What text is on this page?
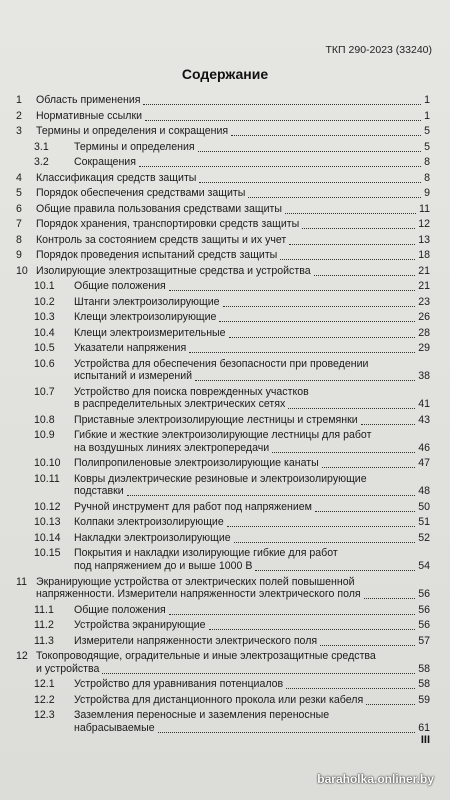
ТКП 290-2023 (33240)
Содержание
1 Область применения	1
2 Нормативные ссылки	1
3 Термины и определения и сокращения	5
3.1 Термины и определения	5
3.2 Сокращения	8
4 Классификация средств защиты	8
5 Порядок обеспечения средствами защиты	9
6 Общие правила пользования средствами защиты	11
7 Порядок хранения, транспортировки средств защиты	12
8 Контроль за состоянием средств защиты и их учет	13
9 Порядок проведения испытаний средств защиты	18
10 Изолирующие электрозащитные средства и устройства	21
10.1 Общие положения	21
10.2 Штанги электроизолирующие	23
10.3 Клещи электроизолирующие	26
10.4 Клещи электроизмерительные	28
10.5 Указатели напряжения	29
10.6 Устройства для обеспечения безопасности при проведении
испытаний и измерений	38
10.7 Устройство для поиска поврежденных участков
в распределительных электрических сетях	41
10.8 Приставные электроизолирующие лестницы и стремянки	43
10.9 Гибкие и жесткие электроизолирующие лестницы для работ
на воздушных линиях электропередачи	46
10.10 Полипропиленовые электроизолирующие канаты	47
10.11 Ковры диэлектрические резиновые и электроизолирующие
подставки	48
10.12 Ручной инструмент для работ под напряжением	50
10.13 Колпаки электроизолирующие	51
10.14 Накладки электроизолирующие	52
10.15 Покрытия и накладки изолирующие гибкие для работ
под напряжением до и выше 1000 В	54
11 Экранирующие устройства от электрических полей повышенной
напряженности. Измерители напряженности электрического поля	56
11.1 Общие положения	56
11.2 Устройства экранирующие	56
11.3 Измерители напряженности электрического поля	57
12 Токопроводящие, оградительные и иные электрозащитные средства
и устройства	58
12.1 Устройство для уравнивания потенциалов	58
12.2 Устройства для дистанционного прокола или резки кабеля	59
12.3 Заземления переносные и заземления переносные
набрасываемые	61
III
baraholka.onliner.by
